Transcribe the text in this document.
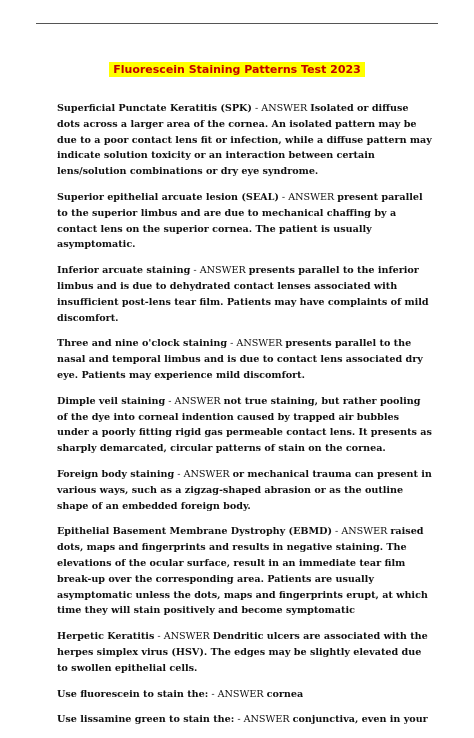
Fluorescein Staining Patterns Test 2023

Superficial Punctate Keratitis (SPK) - ANSWER Isolated or diffuse dots across a larger area of the cornea. An isolated pattern may be due to a poor contact lens fit or infection, while a diffuse pattern may indicate solution toxicity or an interaction between certain lens/solution combinations or dry eye syndrome.

Superior epithelial arcuate lesion (SEAL) - ANSWER present parallel to the superior limbus and are due to mechanical chaffing by a contact lens on the superior cornea. The patient is usually asymptomatic.

Inferior arcuate staining - ANSWER presents parallel to the inferior limbus and is due to dehydrated contact lenses associated with insufficient post-lens tear film. Patients may have complaints of mild discomfort.

Three and nine o'clock staining - ANSWER presents parallel to the nasal and temporal limbus and is due to contact lens associated dry eye. Patients may experience mild discomfort.

Dimple veil staining - ANSWER not true staining, but rather pooling of the dye into corneal indention caused by trapped air bubbles under a poorly fitting rigid gas permeable contact lens. It presents as sharply demarcated, circular patterns of stain on the cornea.

Foreign body staining - ANSWER or mechanical trauma can present in various ways, such as a zigzag-shaped abrasion or as the outline shape of an embedded foreign body.

Epithelial Basement Membrane Dystrophy (EBMD) - ANSWER raised dots, maps and fingerprints and results in negative staining. The elevations of the ocular surface, result in an immediate tear film break-up over the corresponding area. Patients are usually asymptomatic unless the dots, maps and fingerprints erupt, at which time they will stain positively and become symptomatic

Herpetic Keratitis - ANSWER Dendritic ulcers are associated with the herpes simplex virus (HSV). The edges may be slightly elevated due to swollen epithelial cells.

Use fluorescein to stain the: - ANSWER cornea

Use lissamine green to stain the: - ANSWER conjunctiva, even in your
